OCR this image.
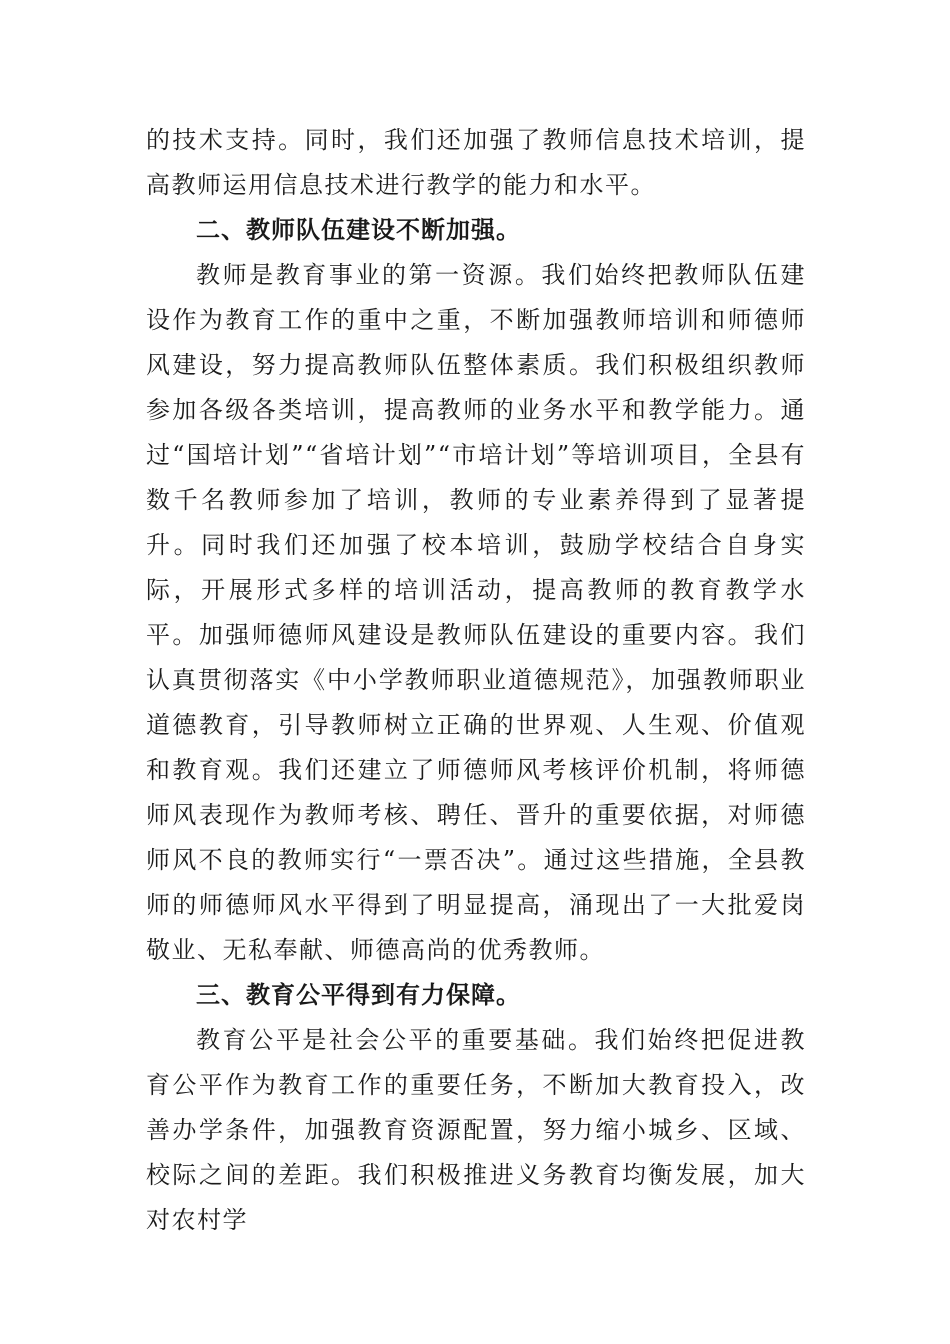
的技术支持。同时，我们还加强了教师信息技术培训，提高教师运用信息技术进行教学的能力和水平。

二、教师队伍建设不断加强。

教师是教育事业的第一资源。我们始终把教师队伍建设作为教育工作的重中之重，不断加强教师培训和师德师风建设，努力提高教师队伍整体素质。我们积极组织教师参加各级各类培训，提高教师的业务水平和教学能力。通过“国培计划”“省培计划”“市培计划”等培训项目，全县有数千名教师参加了培训，教师的专业素养得到了显著提升。同时我们还加强了校本培训，鼓励学校结合自身实际，开展形式多样的培训活动，提高教师的教育教学水平。加强师德师风建设是教师队伍建设的重要内容。我们认真贯彻落实《中小学教师职业道德规范》，加强教师职业道德教育，引导教师树立正确的世界观、人生观、价值观和教育观。我们还建立了师德师风考核评价机制，将师德师风表现作为教师考核、聘任、晋升的重要依据，对师德师风不良的教师实行“一票否决”。通过这些措施，全县教师的师德师风水平得到了明显提高，涌现出了一大批爱岗敬业、无私奉献、师德高尚的优秀教师。

三、教育公平得到有力保障。

教育公平是社会公平的重要基础。我们始终把促进教育公平作为教育工作的重要任务，不断加大教育投入，改善办学条件，加强教育资源配置，努力缩小城乡、区域、校际之间的差距。我们积极推进义务教育均衡发展，加大对农村学
